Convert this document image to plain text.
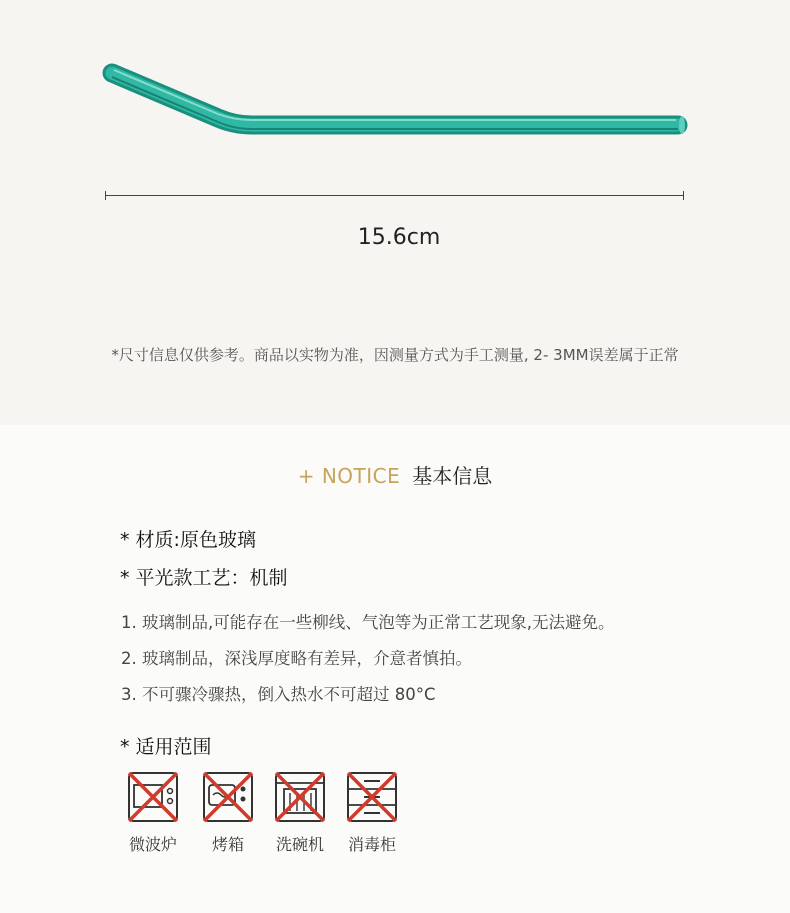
15.6cm
*尺寸信息仅供参考。商品以实物为准，因测量方式为手工测量, 2- 3MM误差属于正常
+ NOTICE 基本信息
* 材质:原色玻璃
* 平光款工艺：机制
1. 玻璃制品,可能存在一些柳线、气泡等为正常工艺现象,无法避免。
2. 玻璃制品，深浅厚度略有差异，介意者慎拍。
3. 不可骤冷骤热，倒入热水不可超过 80°C
* 适用范围
微波炉	烤箱	洗碗机	消毒柜
